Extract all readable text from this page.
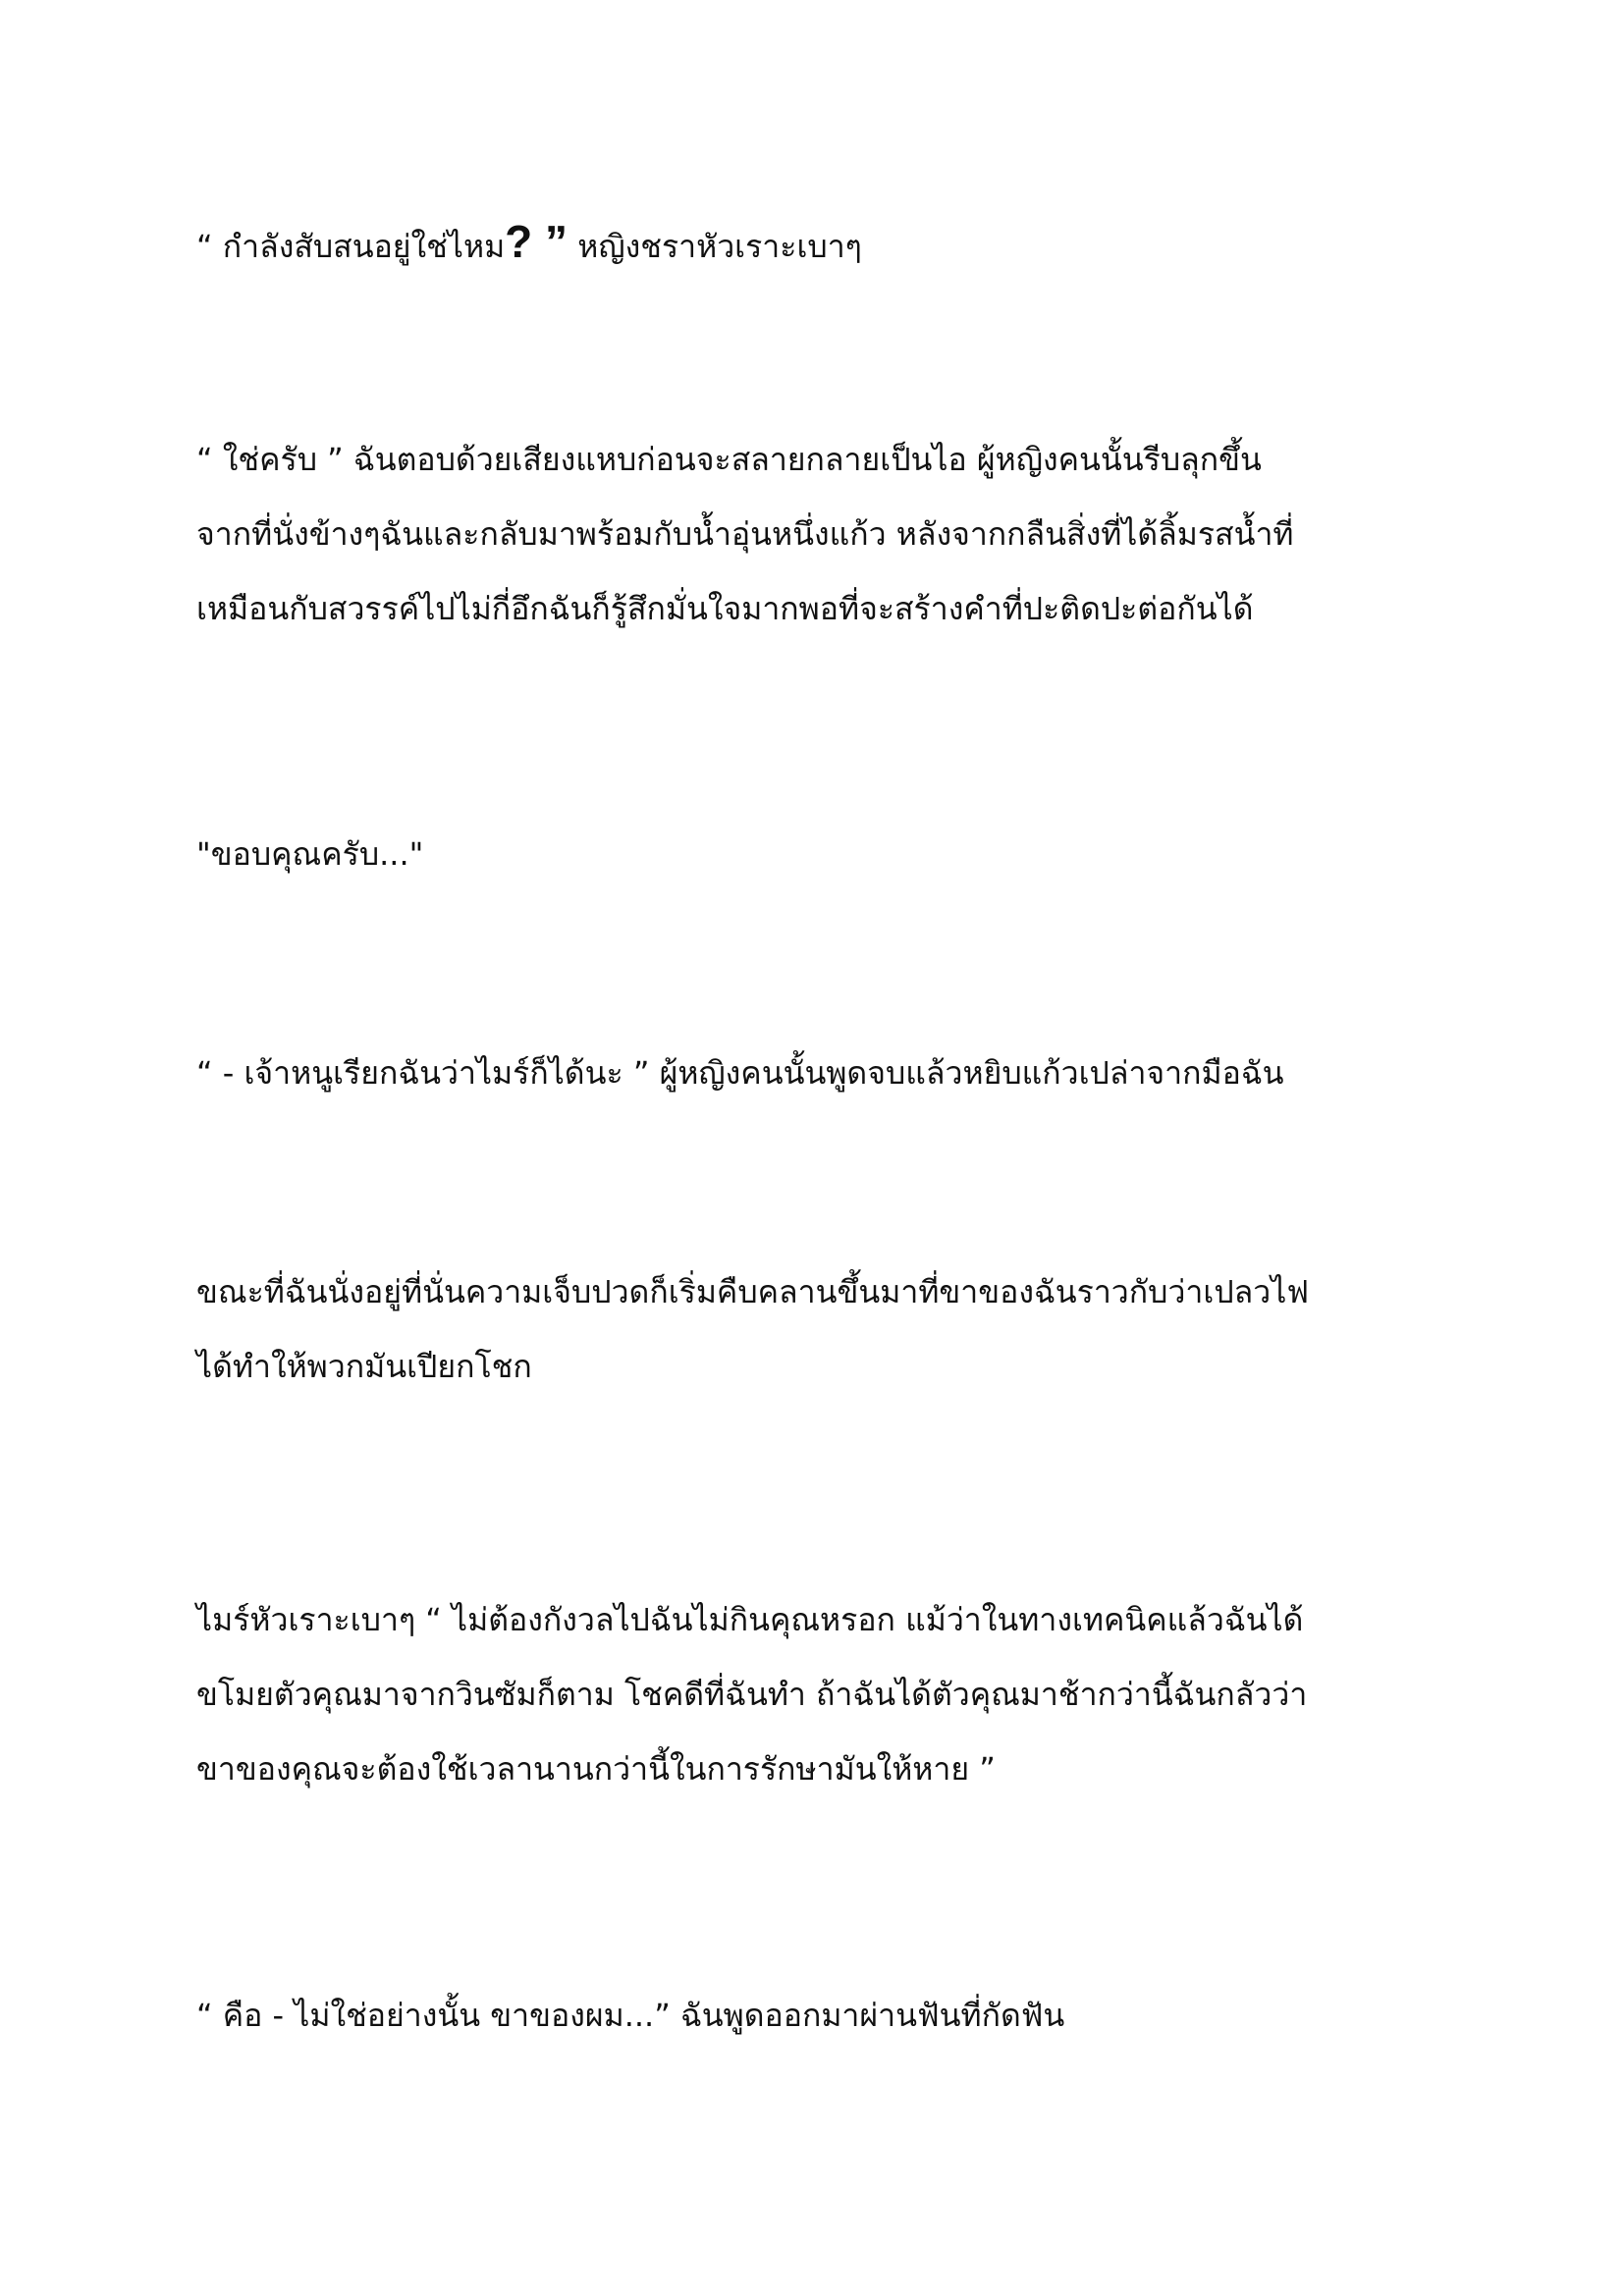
“ กำลังสับสนอยู่ใช่ไหม? ” หญิงชราหัวเราะเบาๆ

“ ใช่ครับ ” ฉันตอบด้วยเสียงแหบก่อนจะสลายกลายเป็นไอ ผู้หญิงคนนั้นรีบลุกขึ้น
จากที่นั่งข้างๆฉันและกลับมาพร้อมกับน้ำอุ่นหนึ่งแก้ว หลังจากกลืนสิ่งที่ได้ลิ้มรสน้ำที่
เหมือนกับสวรรค์ไปไม่กี่อึกฉันก็รู้สึกมั่นใจมากพอที่จะสร้างคำที่ปะติดปะต่อกันได้

"ขอบคุณครับ..."

“ - เจ้าหนูเรียกฉันว่าไมร์ก็ได้นะ ” ผู้หญิงคนนั้นพูดจบแล้วหยิบแก้วเปล่าจากมือฉัน

ขณะที่ฉันนั่งอยู่ที่นั่นความเจ็บปวดก็เริ่มคืบคลานขึ้นมาที่ขาของฉันราวกับว่าเปลวไฟ
ได้ทำให้พวกมันเปียกโชก

ไมร์หัวเราะเบาๆ “ ไม่ต้องกังวลไปฉันไม่กินคุณหรอก แม้ว่าในทางเทคนิคแล้วฉันได้
ขโมยตัวคุณมาจากวินซัมก็ตาม โชคดีที่ฉันทำ ถ้าฉันได้ตัวคุณมาช้ากว่านี้ฉันกลัวว่า
ขาของคุณจะต้องใช้เวลานานกว่านี้ในการรักษามันให้หาย ”

“ คือ - ไม่ใช่อย่างนั้น ขาของผม...” ฉันพูดออกมาผ่านฟันที่กัดฟัน
